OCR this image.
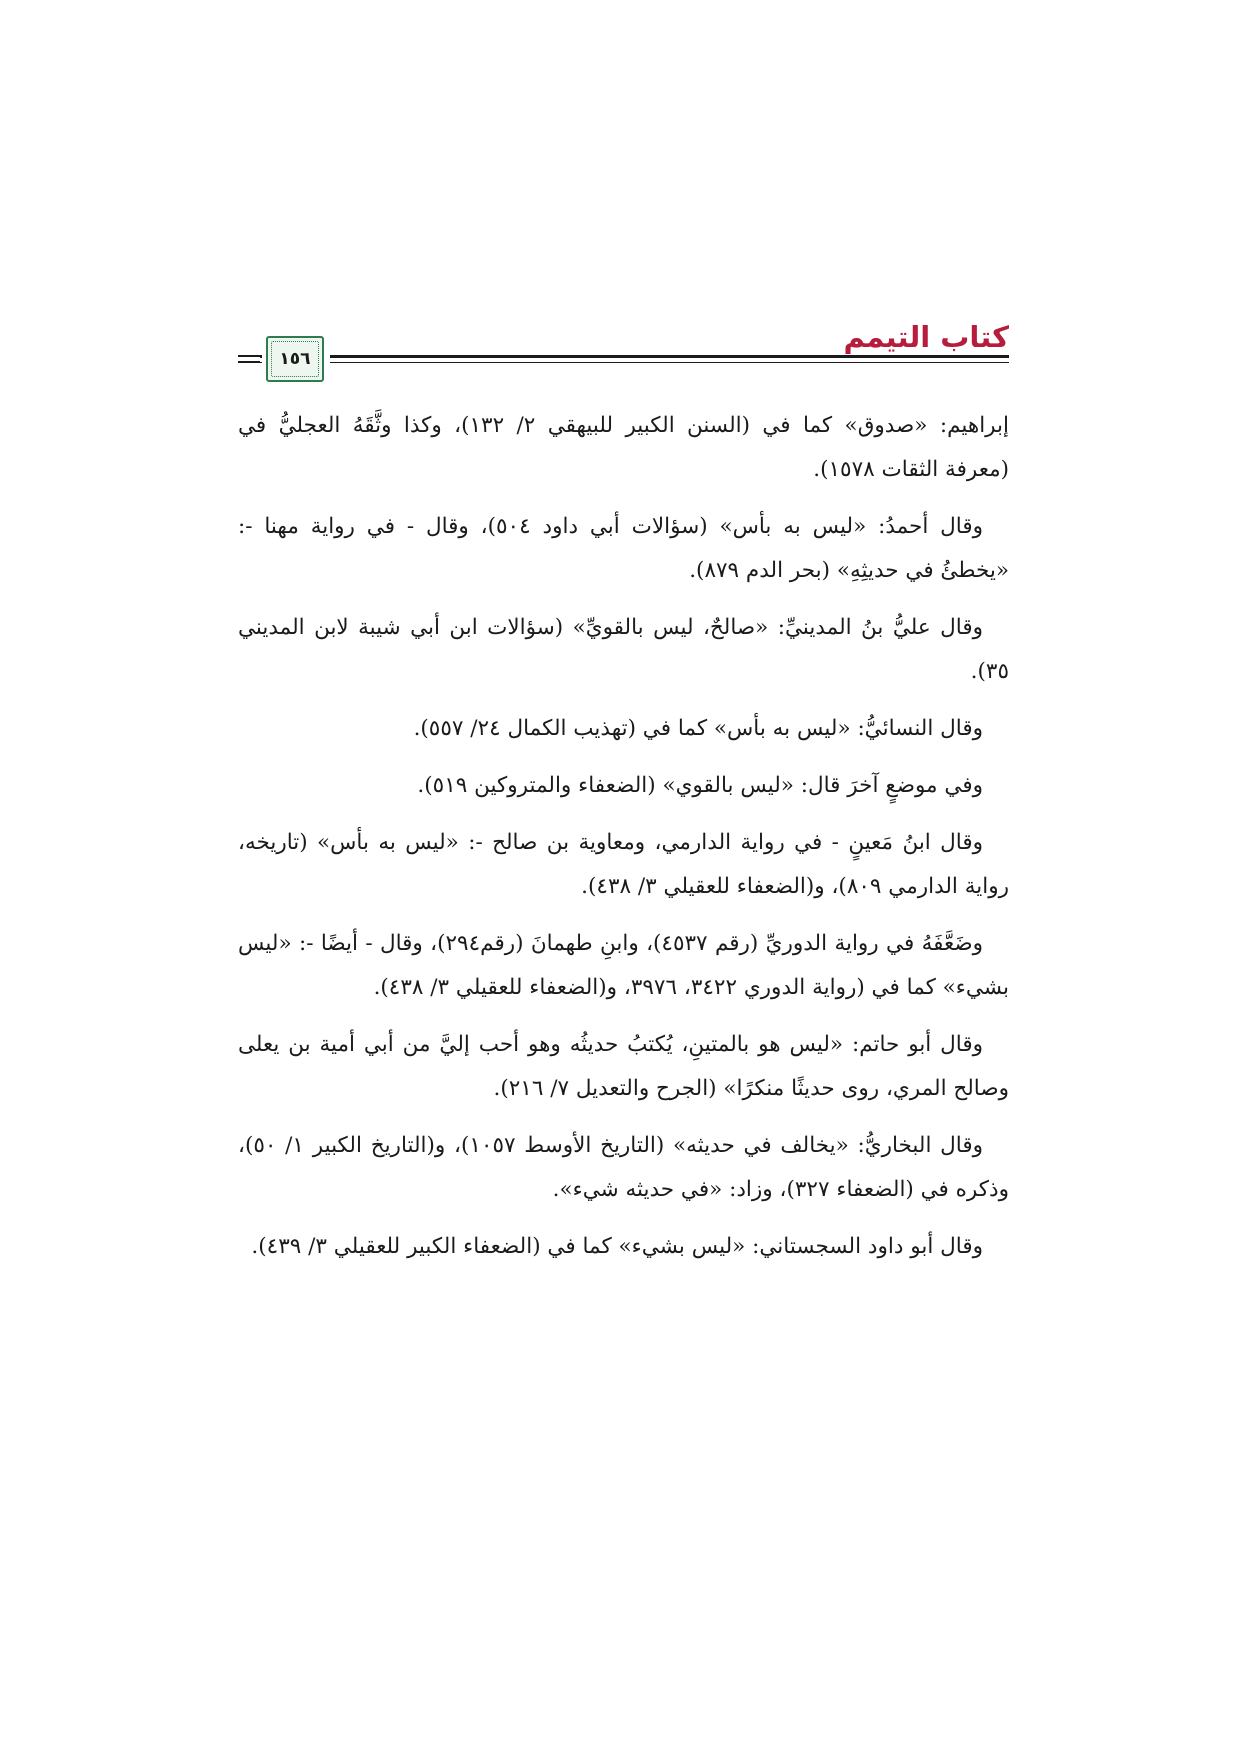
كتاب التيمم
١٥٦

إبراهيم: «صدوق» كما في (السنن الكبير للبيهقي ٢/ ١٣٢)، وكذا وثَّقَهُ العجليُّ في (معرفة الثقات ١٥٧٨).

وقال أحمدُ: «ليس به بأس» (سؤالات أبي داود ٥٠٤)، وقال - في رواية مهنا -: «يخطئُ في حديثِهِ» (بحر الدم ٨٧٩).

وقال عليُّ بنُ المدينيِّ: «صالحٌ، ليس بالقويِّ» (سؤالات ابن أبي شيبة لابن المديني ٣٥).

وقال النسائيُّ: «ليس به بأس» كما في (تهذيب الكمال ٢٤/ ٥٥٧).

وفي موضعٍ آخرَ قال: «ليس بالقوي» (الضعفاء والمتروكين ٥١٩).

وقال ابنُ مَعينٍ - في رواية الدارمي، ومعاوية بن صالح -: «ليس به بأس» (تاريخه، رواية الدارمي ٨٠٩)، و(الضعفاء للعقيلي ٣/ ٤٣٨).

وضَعَّفَهُ في رواية الدوريِّ (رقم ٤٥٣٧)، وابنِ طهمانَ (رقم٢٩٤)، وقال - أيضًا -: «ليس بشيء» كما في (رواية الدوري ٣٤٢٢، ٣٩٧٦، و(الضعفاء للعقيلي ٣/ ٤٣٨).

وقال أبو حاتم: «ليس هو بالمتينِ، يُكتبُ حديثُه وهو أحب إليَّ من أبي أمية بن يعلى وصالح المري، روى حديثًا منكرًا» (الجرح والتعديل ٧/ ٢١٦).

وقال البخاريُّ: «يخالف في حديثه» (التاريخ الأوسط ١٠٥٧)، و(التاريخ الكبير ١/ ٥٠)، وذكره في (الضعفاء ٣٢٧)، وزاد: «في حديثه شيء».

وقال أبو داود السجستاني: «ليس بشيء» كما في (الضعفاء الكبير للعقيلي ٣/ ٤٣٩).
